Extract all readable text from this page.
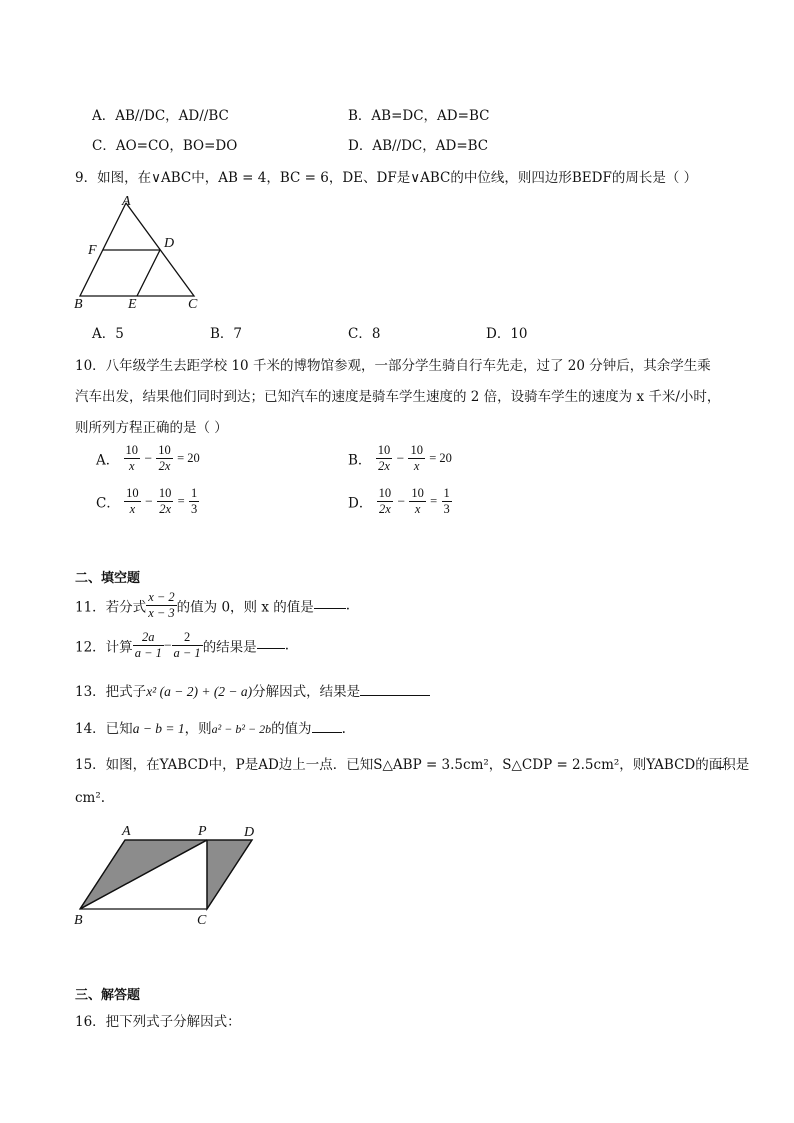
A．AB//DC，AD//BC	B．AB=DC，AD=BC
C．AO=CO，BO=DO	D．AB//DC，AD=BC
9．如图，在∨ABC中，AB = 4，BC = 6，DE、DF是∨ABC的中位线，则四边形BEDF的周长是（ ）
A
F	D
B	E	C
A．5	B．7	C．8	D．10
10．八年级学生去距学校 10 千米的博物馆参观，一部分学生骑自行车先走，过了 20 分钟后，其余学生乘
汽车出发，结果他们同时到达；已知汽车的速度是骑车学生速度的 2 倍，设骑车学生的速度为 x 千米/小时，
则所列方程正确的是（ ）
A． $\frac{10}{x} - \frac{10}{2x} = 20$	B． $\frac{10}{2x} - \frac{10}{x} = 20$
C． $\frac{10}{x} - \frac{10}{2x} = \frac{1}{3}$	D． $\frac{10}{2x} - \frac{10}{x} = \frac{1}{3}$
二、填空题
11．若分式 $\frac{x - 2}{x - 3}$ 的值为 0，则 x 的值是 .
12．计算 $\frac{2a}{a - 1} - \frac{2}{a - 1}$ 的结果是 .
13．把式子x² (a − 2) + (2 − a)分解因式，结果是
14．已知a − b = 1，则a² − b² − 2b的值为 .
15．如图，在YABCD中，P是AD边上一点．已知S△ABP = 3.5cm²，S△CDP = 2.5cm²，则YABCD的面积是
cm².
A	P	D
B	C
三、解答题
16．把下列式子分解因式：
